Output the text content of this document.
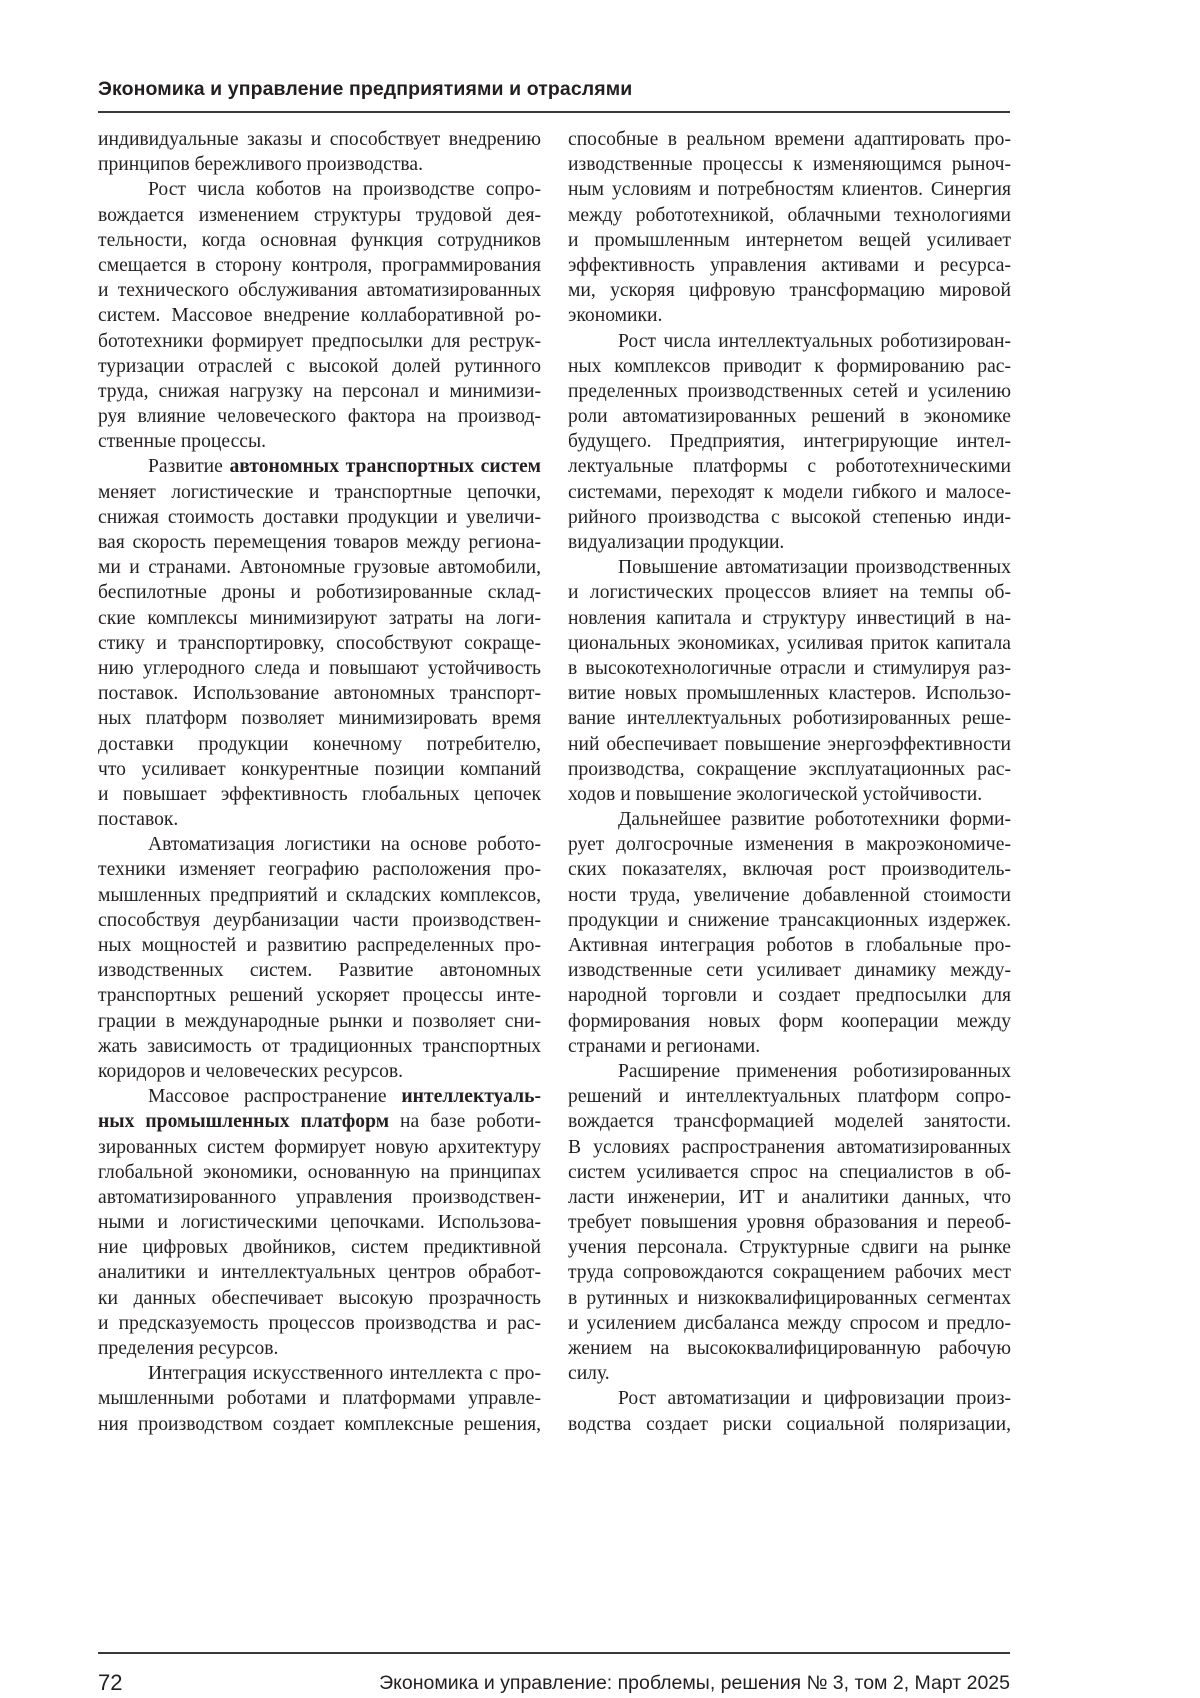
Экономика и управление предприятиями и отраслями
индивидуальные заказы и способствует внедрению
принципов бережливого производства.
Рост числа коботов на производстве сопро-
вождается изменением структуры трудовой дея-
тельности, когда основная функция сотрудников
смещается в сторону контроля, программирования
и технического обслуживания автоматизированных
систем. Массовое внедрение коллаборативной ро-
бототехники формирует предпосылки для реструк-
туризации отраслей с высокой долей рутинного
труда, снижая нагрузку на персонал и минимизи-
руя влияние человеческого фактора на производ-
ственные процессы.
Развитие автономных транспортных систем
меняет логистические и транспортные цепочки,
снижая стоимость доставки продукции и увеличи-
вая скорость перемещения товаров между региона-
ми и странами. Автономные грузовые автомобили,
беспилотные дроны и роботизированные склад-
ские комплексы минимизируют затраты на логи-
стику и транспортировку, способствуют сокраще-
нию углеродного следа и повышают устойчивость
поставок. Использование автономных транспорт-
ных платформ позволяет минимизировать время
доставки продукции конечному потребителю,
что усиливает конкурентные позиции компаний
и повышает эффективность глобальных цепочек
поставок.
Автоматизация логистики на основе робото-
техники изменяет географию расположения про-
мышленных предприятий и складских комплексов,
способствуя деурбанизации части производствен-
ных мощностей и развитию распределенных про-
изводственных систем. Развитие автономных
транспортных решений ускоряет процессы инте-
грации в международные рынки и позволяет сни-
жать зависимость от традиционных транспортных
коридоров и человеческих ресурсов.
Массовое распространение интеллектуаль-
ных промышленных платформ на базе роботи-
зированных систем формирует новую архитектуру
глобальной экономики, основанную на принципах
автоматизированного управления производствен-
ными и логистическими цепочками. Использова-
ние цифровых двойников, систем предиктивной
аналитики и интеллектуальных центров обработ-
ки данных обеспечивает высокую прозрачность
и предсказуемость процессов производства и рас-
пределения ресурсов.
Интеграция искусственного интеллекта с про-
мышленными роботами и платформами управле-
ния производством создает комплексные решения,
способные в реальном времени адаптировать про-
изводственные процессы к изменяющимся рыноч-
ным условиям и потребностям клиентов. Синергия
между робототехникой, облачными технологиями
и промышленным интернетом вещей усиливает
эффективность управления активами и ресурса-
ми, ускоряя цифровую трансформацию мировой
экономики.
Рост числа интеллектуальных роботизирован-
ных комплексов приводит к формированию рас-
пределенных производственных сетей и усилению
роли автоматизированных решений в экономике
будущего. Предприятия, интегрирующие интел-
лектуальные платформы с робототехническими
системами, переходят к модели гибкого и малосе-
рийного производства с высокой степенью инди-
видуализации продукции.
Повышение автоматизации производственных
и логистических процессов влияет на темпы об-
новления капитала и структуру инвестиций в на-
циональных экономиках, усиливая приток капитала
в высокотехнологичные отрасли и стимулируя раз-
витие новых промышленных кластеров. Использо-
вание интеллектуальных роботизированных реше-
ний обеспечивает повышение энергоэффективности
производства, сокращение эксплуатационных рас-
ходов и повышение экологической устойчивости.
Дальнейшее развитие робототехники форми-
рует долгосрочные изменения в макроэкономиче-
ских показателях, включая рост производитель-
ности труда, увеличение добавленной стоимости
продукции и снижение трансакционных издержек.
Активная интеграция роботов в глобальные про-
изводственные сети усиливает динамику между-
народной торговли и создает предпосылки для
формирования новых форм кооперации между
странами и регионами.
Расширение применения роботизированных
решений и интеллектуальных платформ сопро-
вождается трансформацией моделей занятости.
В условиях распространения автоматизированных
систем усиливается спрос на специалистов в об-
ласти инженерии, ИТ и аналитики данных, что
требует повышения уровня образования и переоб-
учения персонала. Структурные сдвиги на рынке
труда сопровождаются сокращением рабочих мест
в рутинных и низкоквалифицированных сегментах
и усилением дисбаланса между спросом и предло-
жением на высококвалифицированную рабочую
силу.
Рост автоматизации и цифровизации произ-
водства создает риски социальной поляризации,
72	Экономика и управление: проблемы, решения № 3, том 2, Март 2025
